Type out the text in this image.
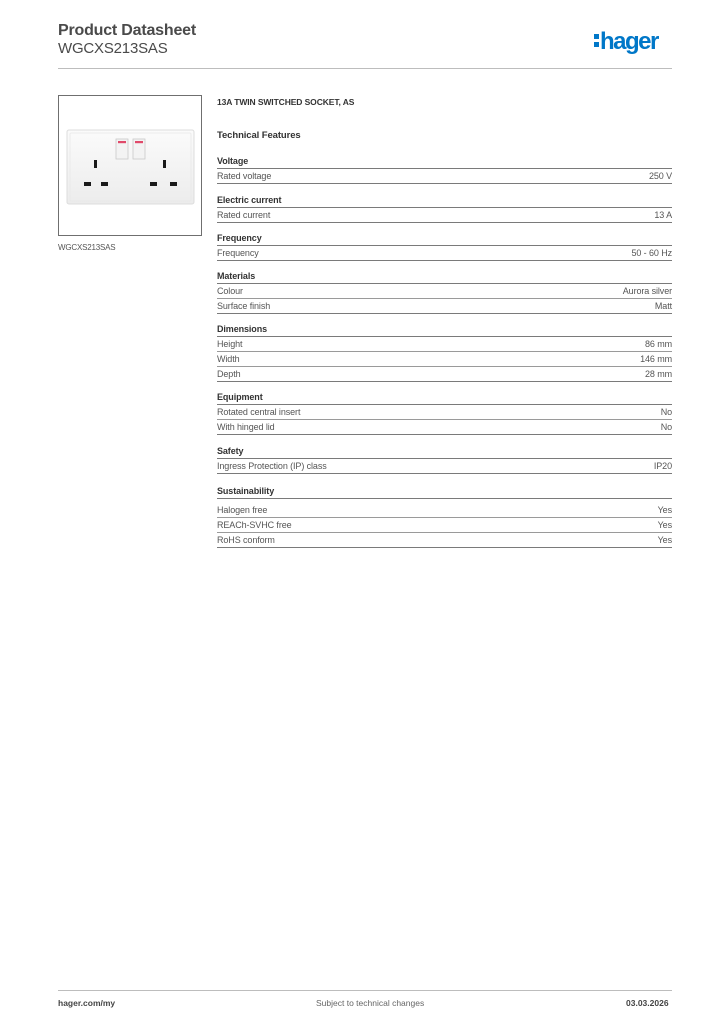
Product Datasheet
WGCXS213SAS	hager
WGCXS213SAS
13A TWIN SWITCHED SOCKET, AS
Technical Features
Voltage
Rated voltage	250 V
Electric current
Rated current	13 A
Frequency
Frequency	50 - 60 Hz
Materials
Colour	Aurora silver
Surface finish	Matt
Dimensions
Height	86 mm
Width	146 mm
Depth	28 mm
Equipment
Rotated central insert	No
With hinged lid	No
Safety
Ingress Protection (IP) class	IP20
Sustainability
Halogen free	Yes
REACh-SVHC free	Yes
RoHS conform	Yes
hager.com/my	Subject to technical changes	03.03.2026
